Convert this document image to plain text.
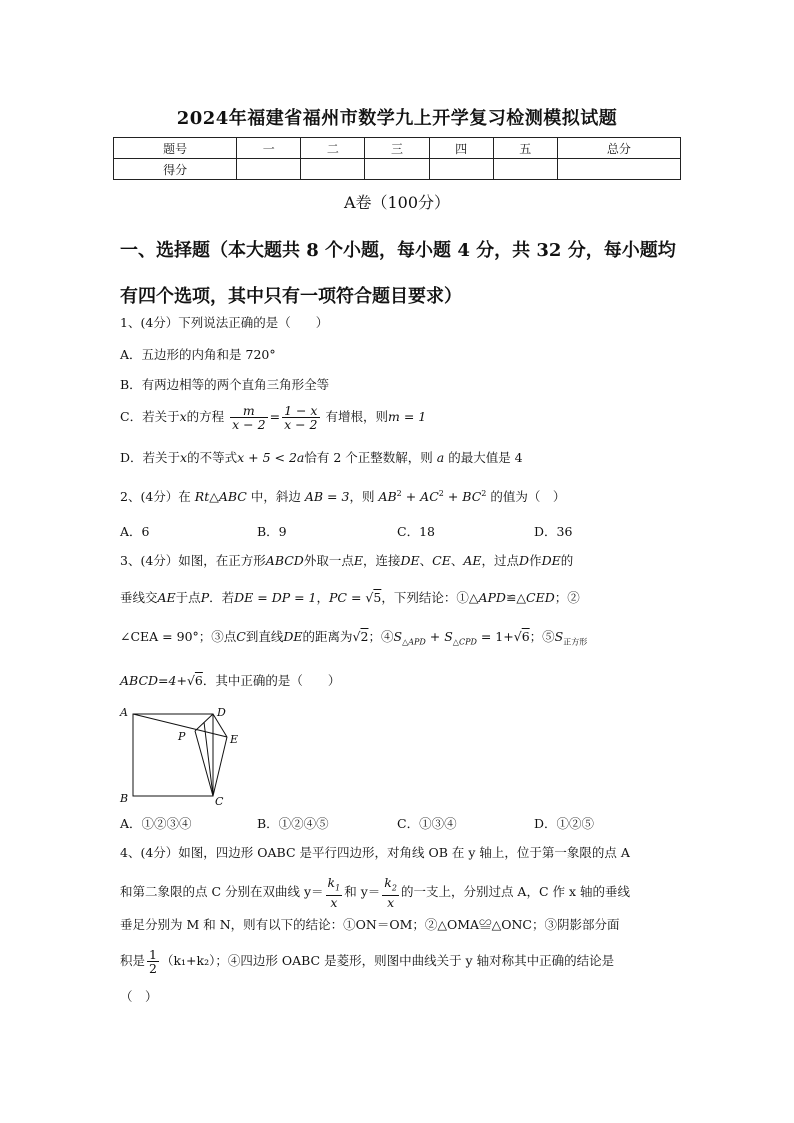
2024年福建省福州市数学九上开学复习检测模拟试题
题号	一	二	三	四	五	总分
得分						
A卷（100分）
一、选择题（本大题共 8 个小题，每小题 4 分，共 32 分，每小题均有四个选项，其中只有一项符合题目要求）
1、(4分）下列说法正确的是（　　）
A．五边形的内角和是 720°
B．有两边相等的两个直角三角形全等
C．若关于x的方程 $\frac{m}{x - 2} = \frac{1 - x}{x - 2}$ 有增根，则m = 1
D．若关于x的不等式x + 5 < 2a恰有 2 个正整数解，则 a 的最大值是 4
2、(4分）在 Rt△ABC 中，斜边 AB = 3，则 $AB^2 + AC^2 + BC^2$ 的值为（　）
A．6	B．9	C．18	D．36
3、(4分）如图，在正方形ABCD外取一点E，连接DE、CE、AE，过点D作DE的
垂线交AE于点P．若DE = DP = 1，PC = √5，下列结论：①△APD≌△CED；②
∠CEA = 90°；③点C到直线DE的距离为√2；$④S_{\triangle APD} + S_{\triangle CPD} = 1+√6$；$⑤S_{正方形}$
ABCD=4+√6．其中正确的是（　　）
A	D
P	E
B	C
A．①②③④	B．①②④⑤	C．①③④	D．①②⑤
4、(4分）如图，四边形 OABC 是平行四边形，对角线 OB 在 y 轴上，位于第一象限的点 A
和第二象限的点 C 分别在双曲线 $y= \frac{k_1}{x}$ 和 $y= \frac{k_2}{x}$ 的一支上，分别过点 A，C 作 x 轴的垂线
垂足分别为 M 和 N，则有以下的结论：①ON＝OM；②△OMA≌△ONC；③阴影部分面
积是 $\frac{1}{2} (k_1+k_2)$；④四边形 OABC 是菱形，则图中曲线关于 y 轴对称其中正确的结论是
（　）
